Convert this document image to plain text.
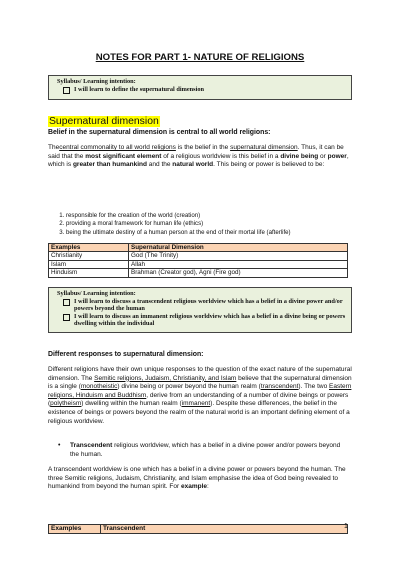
NOTES FOR PART 1- NATURE OF RELIGIONS
Syllabus/ Learning intention:
I will learn to define the supernatural dimension
Supernatural dimension
Belief in the supernatural dimension is central to all world religions:
Thecentral commonality to all world religions is the belief in the supernatural dimension. Thus, it can be said that the most significant element of a religious worldview is this belief in a divine being or power, which is greater than humankind and the natural world. This being or power is believed to be:
1. responsible for the creation of the world (creation)
2. providing a moral framework for human life (ethics)
3. being the ultimate destiny of a human person at the end of their mortal life (afterlife)
Examples	Supernatural Dimension
Christianity	God (The Trinity)
Islam	Allah
Hinduism	Brahman (Creator god), Agni (Fire god)
Syllabus/ Learning intention:
I will learn to discuss a transcendent religious worldview which has a belief in a divine power and/or powers beyond the human
I will learn to discuss an immanent religious worldview which has a belief in a divine being or powers dwelling within the individual
Different responses to supernatural dimension:
Different religions have their own unique responses to the question of the exact nature of the supernatural dimension. The Semitic religions, Judaism, Christianity, and Islam believe that the supernatural dimension is a single (monotheistic) divine being or power beyond the human realm (transcendent). The two Eastern religions, Hinduism and Buddhism, derive from an understanding of a number of divine beings or powers (polytheism) dwelling within the human realm (immanent). Despite these differences, the belief in the existence of beings or powers beyond the realm of the natural world is an important defining element of a religious worldview.
•	Transcendent religious worldview, which has a belief in a divine power and/or powers beyond the human.
A transcendent worldview is one which has a belief in a divine power or powers beyond the human. The three Semitic religions, Judaism, Christianity, and Islam emphasise the idea of God being revealed to humankind from beyond the human spirit. For example:
Examples	Transcendent	1
